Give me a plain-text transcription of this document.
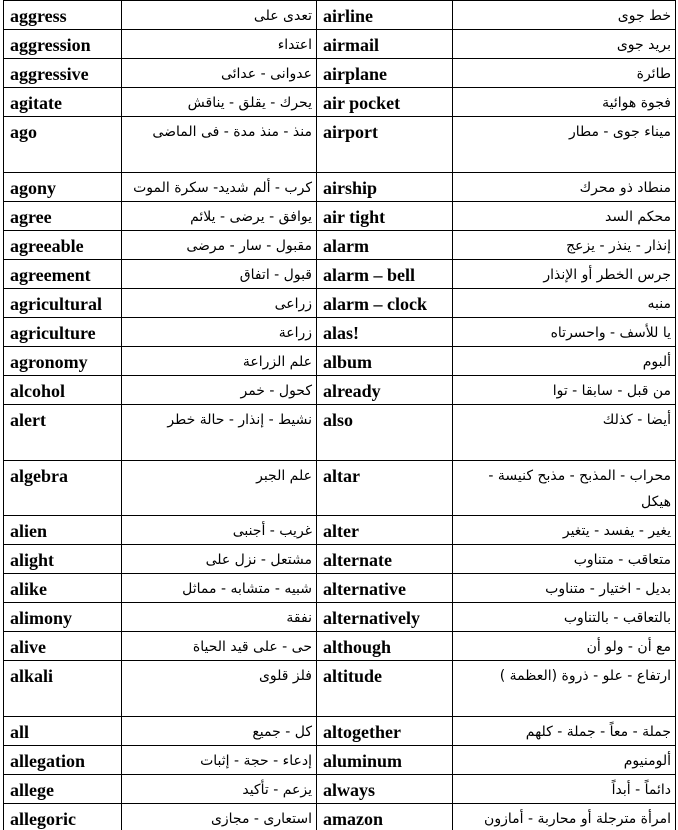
aggress	تعدى على	airline	خط جوى
aggression	اعتداء	airmail	بريد جوى
aggressive	عدوانى - عدائى	airplane	طائرة
agitate	يحرك - يقلق - يناقش	air pocket	فجوة هوائية
ago	منذ - منذ مدة - فى الماضى	airport	ميناء جوى - مطار
agony	كرب - ألم شديد- سكرة الموت	airship	منطاد ذو محرك
agree	يوافق - يرضى - يلائم	air tight	محكم السد
agreeable	مقبول - سار - مرضى	alarm	إنذار - ينذر - يزعج
agreement	قبول - اتفاق	alarm – bell	جرس الخطر أو الإنذار
agricultural	زراعى	alarm – clock	منبه
agriculture	زراعة	alas!	يا للأسف - واحسرتاه
agronomy	علم الزراعة	album	ألبوم
alcohol	كحول - خمر	already	من قبل - سابقا - توا
alert	نشيط - إنذار - حالة خطر	also	أيضا - كذلك
algebra	علم الجبر	altar	محراب - المذبح - مذبح كنيسة - هيكل
alien	غريب - أجنبى	alter	يغير - يفسد - يتغير
alight	مشتعل - نزل على	alternate	متعاقب - متناوب
alike	شبيه - متشابه - مماثل	alternative	بديل - اختيار - متناوب
alimony	نفقة	alternatively	بالتعاقب - بالتناوب
alive	حى - على قيد الحياة	although	مع أن - ولو أن
alkali	فلز قلوى	altitude	ارتفاع - علو - ذروة (العظمة )
all	كل - جميع	altogether	جملة - معاً - جملة - كلهم
allegation	إدعاء - حجة - إثبات	aluminum	ألومنيوم
allege	يزعم - تأكيد	always	دائماً - أبداً
allegoric	استعارى - مجازى	amazon	امرأة مترجلة أو محاربة - أمازون
